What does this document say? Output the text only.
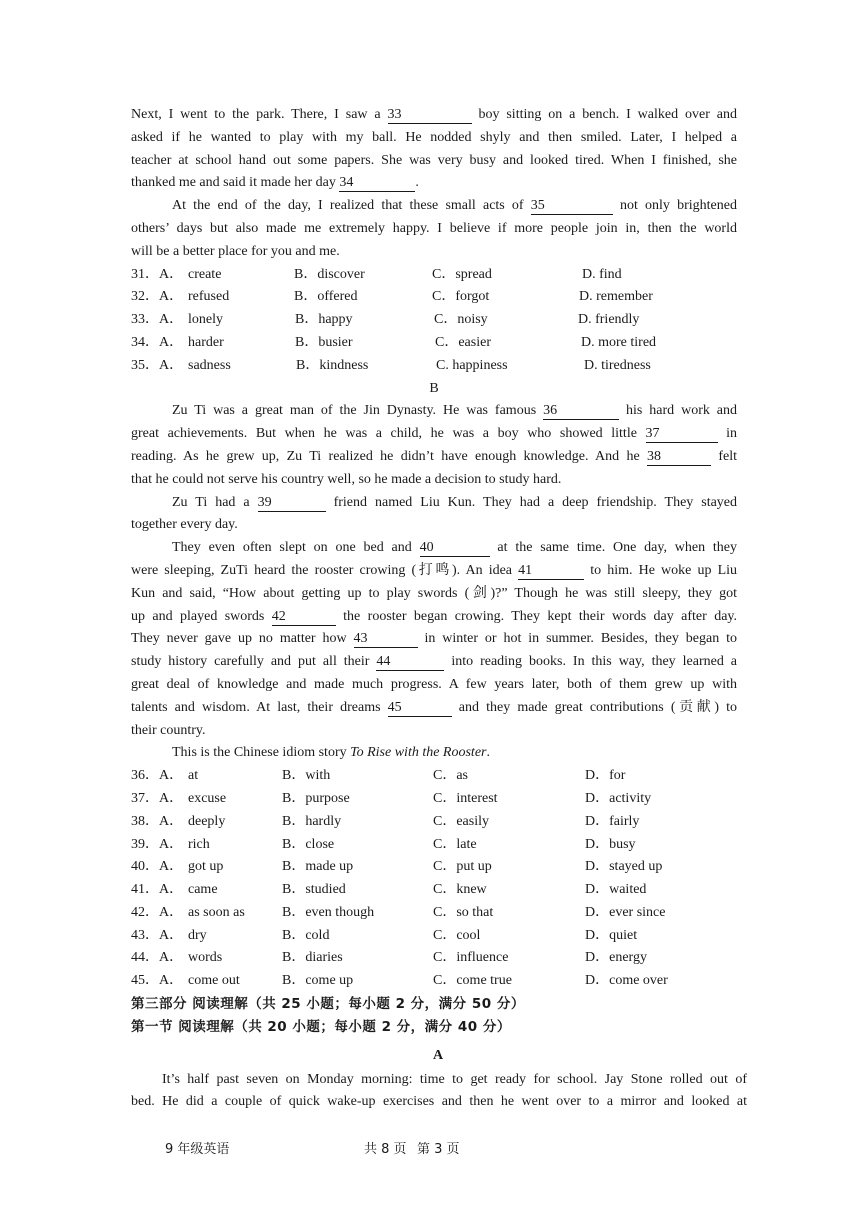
Next, I went to the park. There, I saw a 33	boy sitting on a bench. I walked over and
asked if he wanted to play with my ball. He nodded shyly and then smiled. Later, I helped a
teacher at school hand out some papers. She was very busy and looked tired. When I finished, she
thanked me and said it made her day 34	.
At the end of the day, I realized that these small acts of 35	not only brightened
others’ days but also made me extremely happy. I believe if more people join in, then the world
will be a better place for you and me.
31．A． create	B．discover	C．spread	D. find
32．A． refused	B．offered	C．forgot	D. remember
33．A． lonely	B．happy	C．noisy	D. friendly
34．A． harder	B．busier	C．easier	D. more tired
35．A． sadness	B．kindness	C. happiness	D. tiredness
B
Zu Ti was a great man of the Jin Dynasty. He was famous 36	his hard work and
great achievements. But when he was a child, he was a boy who showed little 37	in
reading. As he grew up, Zu Ti realized he didn’t have enough knowledge. And he 38	felt
that he could not serve his country well, so he made a decision to study hard.
Zu Ti had a 39	friend named Liu Kun. They had a deep friendship. They stayed
together every day.
They even often slept on one bed and 40	at the same time. One day, when they
were sleeping, ZuTi heard the rooster crowing (打鸣). An idea 41	to him. He woke up Liu
Kun and said, “How about getting up to play swords (剑)?” Though he was still sleepy, they got
up and played swords 42	the rooster began crowing. They kept their words day after day.
They never gave up no matter how 43	in winter or hot in summer. Besides, they began to
study history carefully and put all their 44	into reading books. In this way, they learned a
great deal of knowledge and made much progress. A few years later, both of them grew up with
talents and wisdom. At last, their dreams 45	and they made great contributions (贡献) to
their country.
This is the Chinese idiom story To Rise with the Rooster.
36．A． at	B．with	C．as	D．for
37．A． excuse	B．purpose	C．interest	D．activity
38．A． deeply	B．hardly	C．easily	D．fairly
39．A． rich	B．close	C．late	D．busy
40．A． got up	B．made up	C．put up	D．stayed up
41．A． came	B．studied	C．knew	D．waited
42．A． as soon as	B．even though	C．so that	D．ever since
43．A． dry	B．cold	C．cool	D．quiet
44．A． words	B．diaries	C．influence	D．energy
45．A． come out	B．come up	C．come true	D．come over
第三部分 阅读理解（共 25 小题；每小题 2 分，满分 50 分）
第一节 阅读理解（共 20 小题；每小题 2 分，满分 40 分）
A
It’s half past seven on Monday morning: time to get ready for school. Jay Stone rolled out of
bed. He did a couple of quick wake-up exercises and then he went over to a mirror and looked at
9 年级英语	共 8 页 第 3 页
